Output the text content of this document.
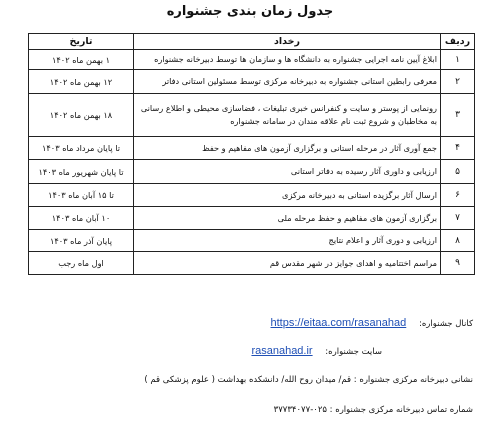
جدول زمان بندی جشنواره
ردیف	رخداد	تاریخ
۱	ابلاغ آیین نامه اجرایی جشنواره به دانشگاه ها و سازمان ها توسط دبیرخانه جشنواره	۱ بهمن ماه ۱۴۰۲
۲	معرفی رابطین استانی جشنواره به دبیرخانه مرکزی توسط مسئولین استانی دفاتر	۱۲ بهمن ماه ۱۴۰۲
۳	رونمایی از پوستر و سایت و کنفرانس خبری تبلیغات ، فضاسازی محیطی و اطلاع رسانی به مخاطبان و شروع ثبت نام علاقه مندان در سامانه جشنواره	۱۸ بهمن ماه ۱۴۰۲
۴	جمع آوری آثار در مرحله استانی و برگزاری آزمون های مفاهیم و حفظ	تا پایان مرداد ماه ۱۴۰۳
۵	ارزیابی و داوری آثار رسیده به دفاتر استانی	تا پایان شهریور ماه ۱۴۰۳
۶	ارسال آثار برگزیده استانی به دبیرخانه مرکزی	تا ۱۵ آبان ماه ۱۴۰۳
۷	برگزاری آزمون های مفاهیم و حفظ مرحله ملی	۱۰ آبان ماه ۱۴۰۳
۸	ارزیابی و دوری آثار و اعلام نتایج	پایان آذر ماه ۱۴۰۳
۹	مراسم اختتامیه و اهدای جوایز در شهر مقدس قم	اول ماه رجب
کانال جشنواره: https://eitaa.com/rasanahad
سایت جشنواره: rasanahad.ir
نشانی دبیرخانه مرکزی جشنواره : قم/ میدان روح الله/ دانشکده بهداشت ( علوم پزشکی قم )
شماره تماس دبیرخانه مرکزی جشنواره : ۰۲۵-۳۷۷۳۴۰۷۷
